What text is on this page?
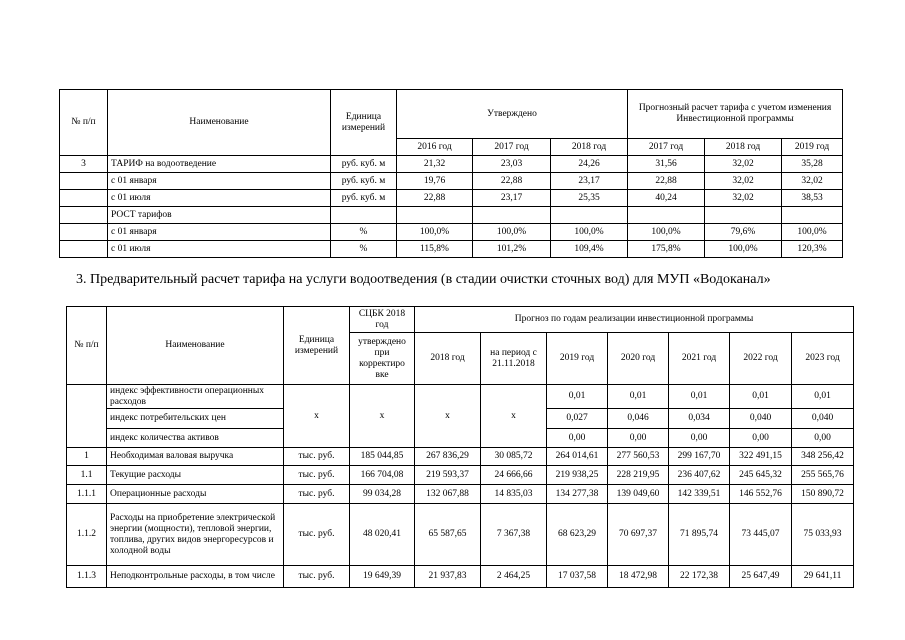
№ п/п	Наименование	Единица измерений	Утверждено			Прогнозный расчет тарифа с учетом изменения Инвестиционной программы		
			2016 год	2017 год	2018 год	2017 год	2018 год	2019 год
3	ТАРИФ на водоотведение	руб. куб. м	21,32	23,03	24,26	31,56	32,02	35,28
	с 01 января	руб. куб. м	19,76	22,88	23,17	22,88	32,02	32,02
	с 01 июля	руб. куб. м	22,88	23,17	25,35	40,24	32,02	38,53
	РОСТ тарифов							
	с 01 января	%	100,0%	100,0%	100,0%	100,0%	79,6%	100,0%
	с 01 июля	%	115,8%	101,2%	109,4%	175,8%	100,0%	120,3%
3. Предварительный расчет тарифа на услуги водоотведения (в стадии очистки сточных вод) для МУП «Водоканал»
№ п/п	Наименование	Единица измерений	СЦБК 2018 год	Прогноз по годам реализации инвестиционной программы						
			утверждено при корректиро вке	2018 год	на период с 21.11.2018	2019 год	2020 год	2021 год	2022 год	2023 год
	индекс эффективности операционных расходов	х	х	х	х	0,01	0,01	0,01	0,01	0,01
	индекс потребительских цен					0,027	0,046	0,034	0,040	0,040
	индекс количества активов					0,00	0,00	0,00	0,00	0,00
1	Необходимая валовая выручка	тыс. руб.	185 044,85	267 836,29	30 085,72	264 014,61	277 560,53	299 167,70	322 491,15	348 256,42
1.1	Текущие расходы	тыс. руб.	166 704,08	219 593,37	24 666,66	219 938,25	228 219,95	236 407,62	245 645,32	255 565,76
1.1.1	Операционные расходы	тыс. руб.	99 034,28	132 067,88	14 835,03	134 277,38	139 049,60	142 339,51	146 552,76	150 890,72
1.1.2	Расходы на приобретение электрической энергии (мощности), тепловой энергии, топлива, других видов энергоресурсов и холодной воды	тыс. руб.	48 020,41	65 587,65	7 367,38	68 623,29	70 697,37	71 895,74	73 445,07	75 033,93
1.1.3	Неподконтрольные расходы, в том числе	тыс. руб.	19 649,39	21 937,83	2 464,25	17 037,58	18 472,98	22 172,38	25 647,49	29 641,11
